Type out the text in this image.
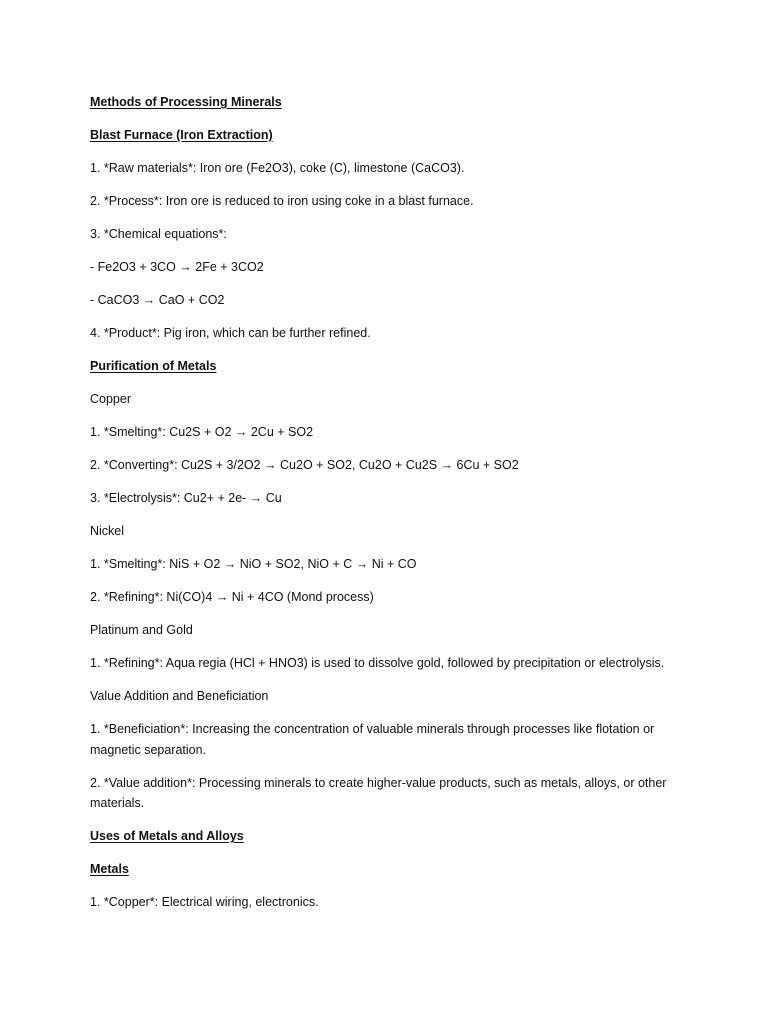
Methods of Processing Minerals

Blast Furnace (Iron Extraction)

1. *Raw materials*: Iron ore (Fe2O3), coke (C), limestone (CaCO3).

2. *Process*: Iron ore is reduced to iron using coke in a blast furnace.

3. *Chemical equations*:

- Fe2O3 + 3CO → 2Fe + 3CO2

- CaCO3 → CaO + CO2

4. *Product*: Pig iron, which can be further refined.

Purification of Metals

Copper

1. *Smelting*: Cu2S + O2 → 2Cu + SO2

2. *Converting*: Cu2S + 3/2O2 → Cu2O + SO2, Cu2O + Cu2S → 6Cu + SO2

3. *Electrolysis*: Cu2+ + 2e- → Cu

Nickel

1. *Smelting*: NiS + O2 → NiO + SO2, NiO + C → Ni + CO

2. *Refining*: Ni(CO)4 → Ni + 4CO (Mond process)

Platinum and Gold

1. *Refining*: Aqua regia (HCl + HNO3) is used to dissolve gold, followed by precipitation or electrolysis.

Value Addition and Beneficiation

1. *Beneficiation*: Increasing the concentration of valuable minerals through processes like flotation or magnetic separation.

2. *Value addition*: Processing minerals to create higher-value products, such as metals, alloys, or other materials.

Uses of Metals and Alloys

Metals

1. *Copper*: Electrical wiring, electronics.
